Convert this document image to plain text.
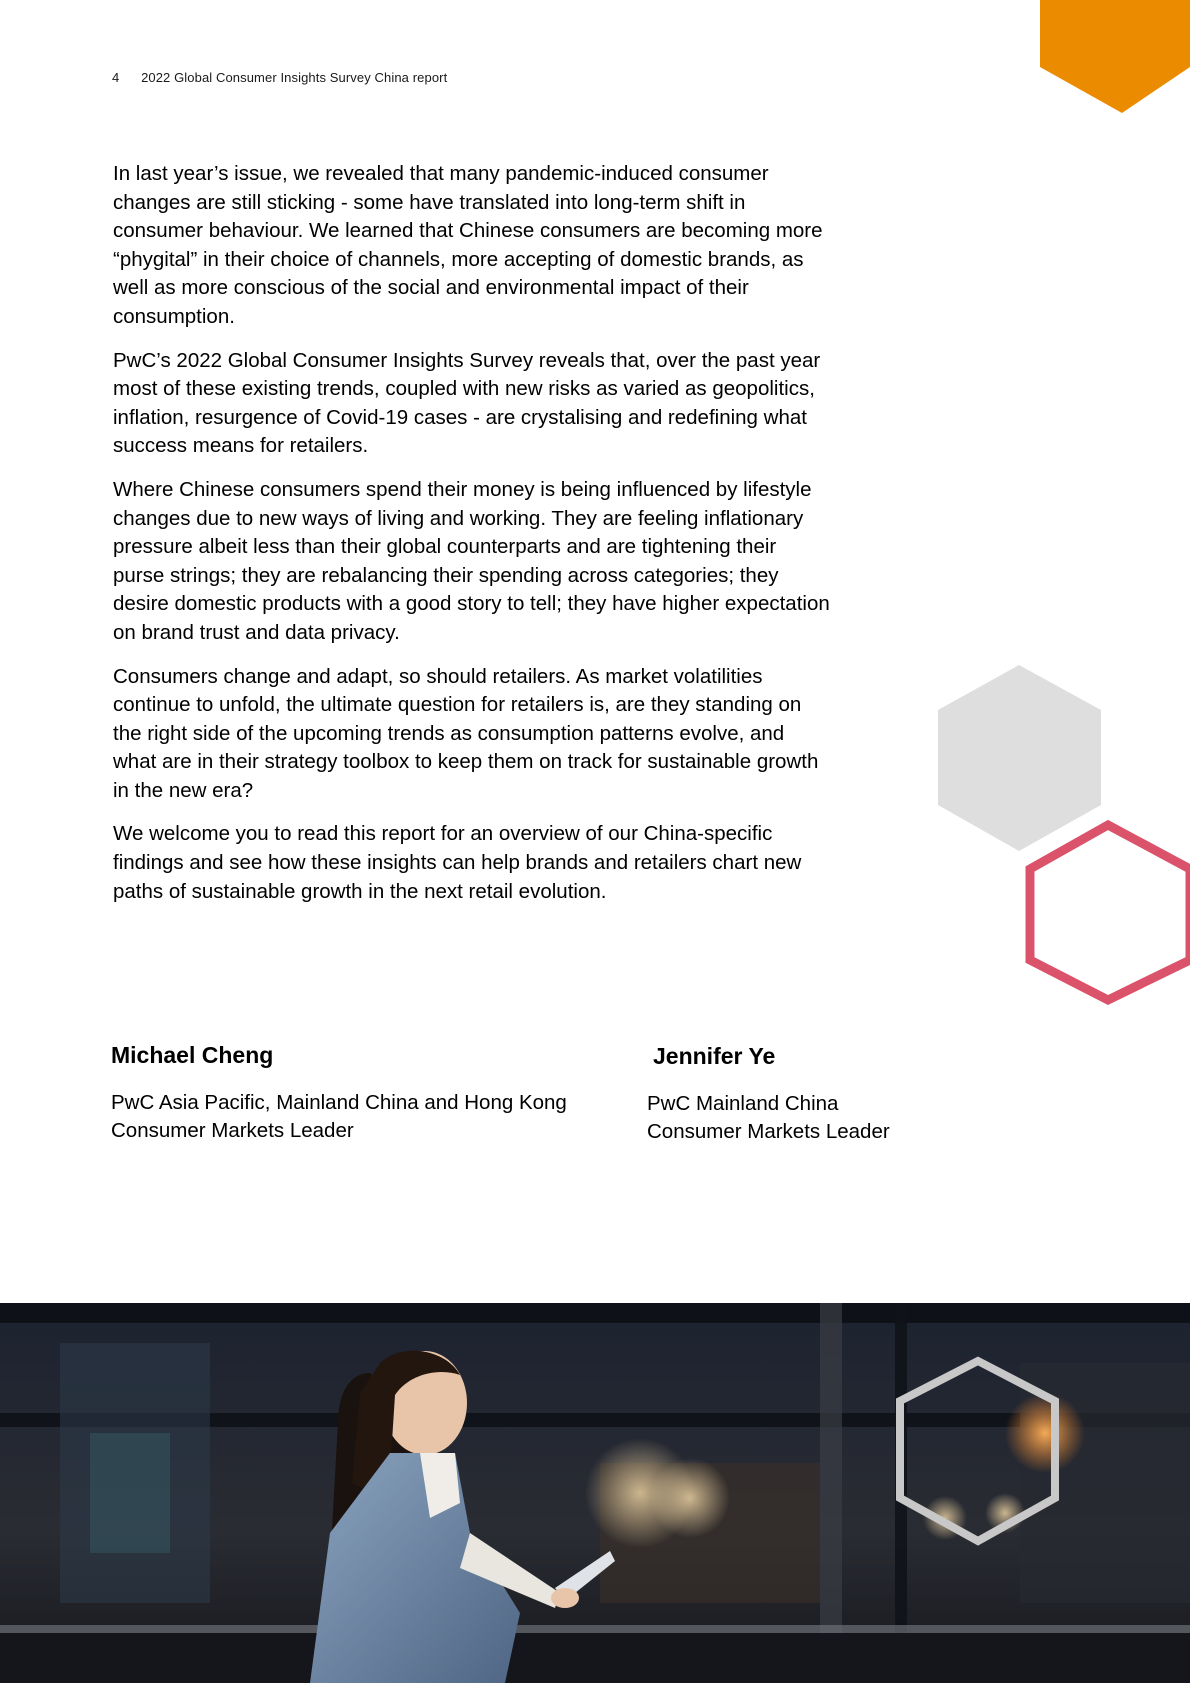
4 2022 Global Consumer Insights Survey China report

In last year’s issue, we revealed that many pandemic-induced consumer changes are still sticking - some have translated into long-term shift in consumer behaviour. We learned that Chinese consumers are becoming more “phygital” in their choice of channels, more accepting of domestic brands, as well as more conscious of the social and environmental impact of their consumption.

PwC’s 2022 Global Consumer Insights Survey reveals that, over the past year most of these existing trends, coupled with new risks as varied as geopolitics, inflation, resurgence of Covid-19 cases - are crystalising and redefining what success means for retailers.

Where Chinese consumers spend their money is being influenced by lifestyle changes due to new ways of living and working. They are feeling inflationary pressure albeit less than their global counterparts and are tightening their purse strings; they are rebalancing their spending across categories; they desire domestic products with a good story to tell; they have higher expectation on brand trust and data privacy.

Consumers change and adapt, so should retailers. As market volatilities continue to unfold, the ultimate question for retailers is, are they standing on the right side of the upcoming trends as consumption patterns evolve, and what are in their strategy toolbox to keep them on track for sustainable growth in the new era?

We welcome you to read this report for an overview of our China-specific findings and see how these insights can help brands and retailers chart new paths of sustainable growth in the next retail evolution.

Michael Cheng

PwC Asia Pacific, Mainland China and Hong Kong
Consumer Markets Leader

Jennifer Ye

PwC Mainland China
Consumer Markets Leader
